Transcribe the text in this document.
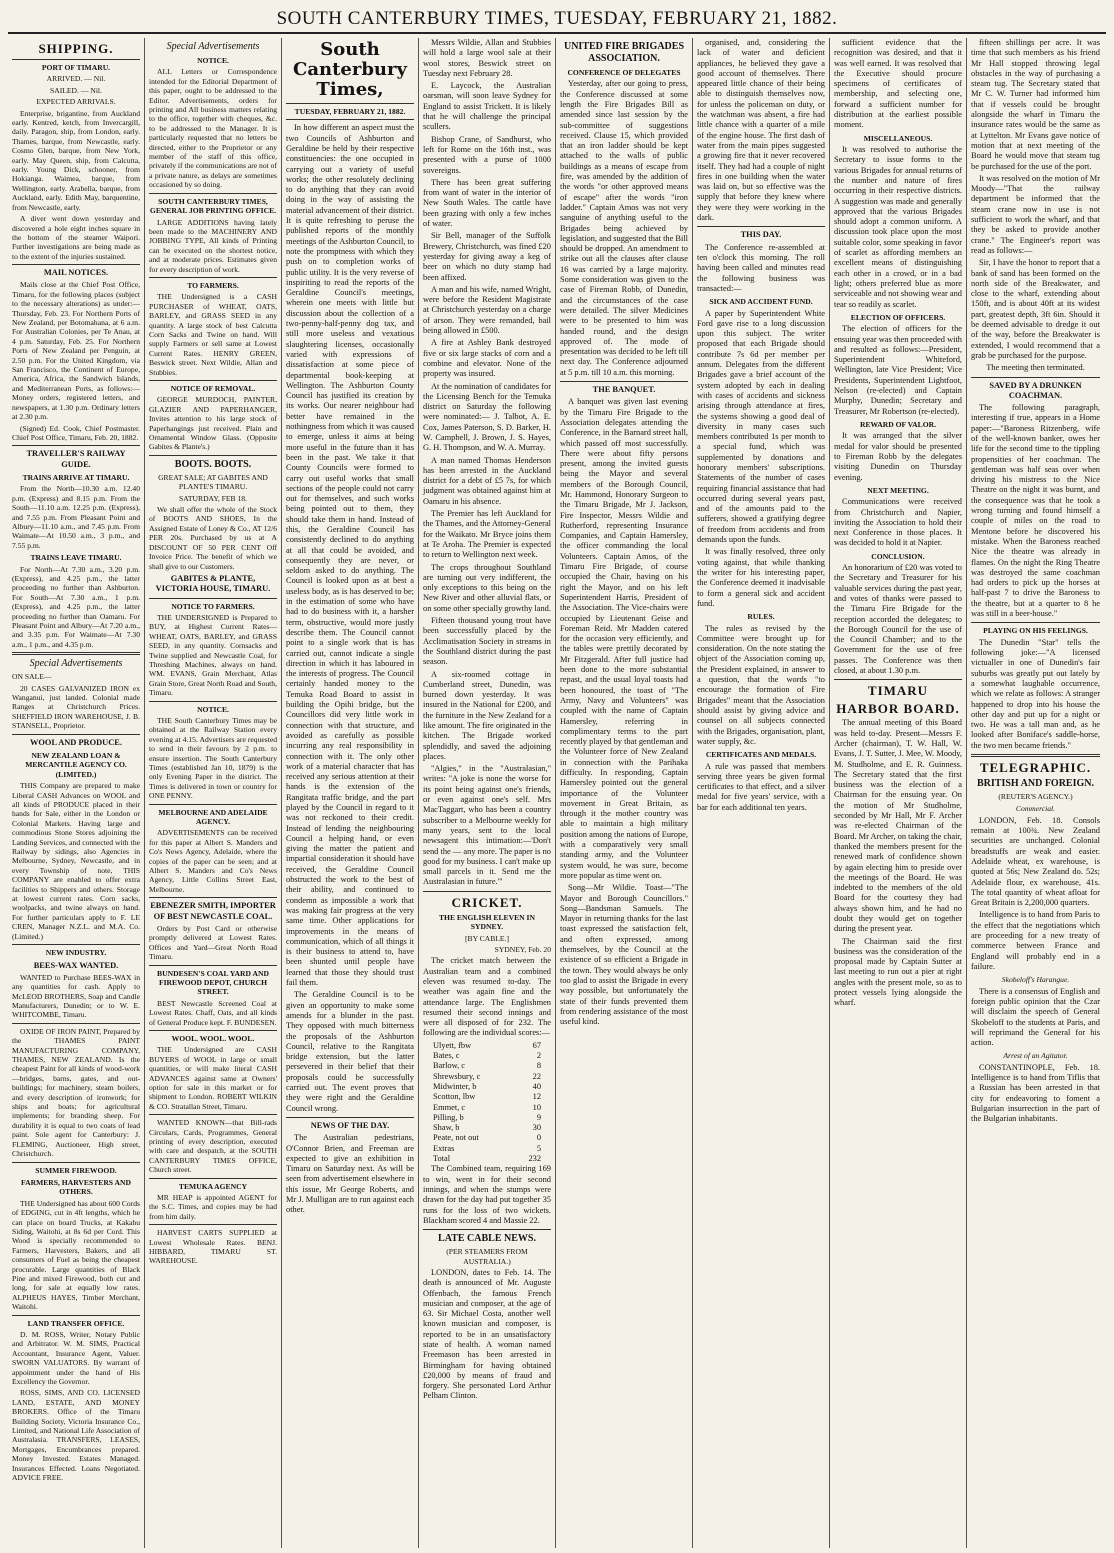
SOUTH CANTERBURY TIMES, TUESDAY, FEBRUARY 21, 1882.
SHIPPING.
PORT OF TIMARU.

ARRIVED. — Nil.

SAILED. — Nil.

EXPECTED ARRIVALS.

Enterprise, brigantine, from Auckland early. Kentred, ketch, from Invercargill, daily. Paragon, ship, from London, early. Thames, barque, from Newcastle, early. Cosmo Glen, barque, from New York, early. May Queen, ship, from Calcutta, early. Young Dick, schooner, from Hokianga. Waimea, barque, from Wellington, early. Arabella, barque, from Auckland, early. Edith May, barquentine, from Newcastle, early.

A diver went down yesterday and discovered a hole eight inches square in the bottom of the steamer Waipori. Further investigations are being made as to the extent of the injuries sustained.

MAIL NOTICES.

Mails close at the Chief Post Office, Timaru, for the following places (subject to the necessary alterations) as under:— Thursday, Feb. 23. For Northern Ports of New Zealand, per Botomahana, at 6 a.m. For Australian Colonies, per Te Anau, at 4 p.m. Saturday, Feb. 25. For Northern Ports of New Zealand per Penguin, at 2.50 p.m. For the United Kingdom, via San Francisco, the Continent of Europe, America, Africa, the Sandwich Islands, and Mediterranean Ports, as follows:— Money orders, registered letters, and newspapers, at 1.30 p.m. Ordinary letters at 2.30 p.m.

(Signed) Ed. Cook, Chief Postmaster. Chief Post Office, Timaru, Feb. 20, 1882.

TRAVELLER'S RAILWAY GUIDE.
TRAINS ARRIVE AT TIMARU.

From the North—10.30 a.m. 12.40 p.m. (Express) and 8.15 p.m. From the South—11.10 a.m. 12.25 p.m. (Express), and 7.55 p.m. From Pleasant Point and Albury—11.10 a.m., and 7.45 p.m. From Waimate—At 10.50 a.m., 3 p.m., and 7.55 p.m.

TRAINS LEAVE TIMARU.

For North—At 7.30 a.m., 3.20 p.m. (Express), and 4.25 p.m., the latter proceeding no further than Ashburton. For South—At 7.30 a.m., 1 p.m. (Express), and 4.25 p.m., the latter proceeding no further than Oamaru. For Pleasant Point and Albury—At 7.20 a.m., and 3.35 p.m. For Waimate—At 7.30 a.m., 1 p.m., and 4.35 p.m.

Special Advertisements

ON SALE—

20 CASES GALVANIZED IRON ex Wanganui, just landed. Colonial made Ranges at Christchurch Prices. SHEFFIELD IRON WAREHOUSE, J. B. STANSELL, Proprietor.

WOOL AND PRODUCE.
NEW ZEALAND LOAN & MERCANTILE AGENCY CO. (LIMITED.)

THIS Company are prepared to make Liberal CASH Advances on WOOL and all kinds of PRODUCE placed in their hands for Sale, either in the London or Colonial Markets. Having large and commodious Stone Stores adjoining the Landing Services, and connected with the Railway by sidings, also Agencies in Melbourne, Sydney, Newcastle, and in every Township of note, THIS COMPANY are enabled to offer extra facilities to Shippers and others. Storage at lowest current rates. Corn sacks, woolpacks, and twine always on hand. For further particulars apply to F. LE CREN, Manager N.Z.L. and M.A. Co. (Limited.)

NEW INDUSTRY.
BEES-WAX WANTED.

WANTED to Purchase BEES-WAX in any quantities for cash. Apply to McLEOD BROTHERS, Soap and Candle Manufacturers, Dunedin; or to W. E. WHITCOMBE, Timaru.

OXIDE OF IRON PAINT, Prepared by the THAMES PAINT MANUFACTURING COMPANY, THAMES, NEW ZEALAND. Is the cheapest Paint for all kinds of wood-work—bridges, barns, gates, and out-buildings; for machinery, steam boilers, and every description of ironwork; for ships and boats; for agricultural implements; for branding sheep. For durability it is equal to two coats of lead paint. Sole agent for Canterbury: J. FLEMING, Auctioneer, High street, Christchurch.

SUMMER FIREWOOD.
FARMERS, HARVESTERS AND OTHERS.

THE Undersigned has about 600 Cords of EDGING, cut in 4ft lengths, which he can place on board Trucks, at Kakahu Siding, Waitohi, at 8s 6d per Cord. This Wood is specially recommended to Farmers, Harvesters, Bakers, and all consumers of Fuel as being the cheapest procurable. Large quantities of Black Pine and mixed Firewood, both cut and long, for sale at equally low rates. ALPHEUS HAYES, Timber Merchant, Waitohi.

LAND TRANSFER OFFICE.

D. M. ROSS, Writer, Notary Public and Arbitrator. W. M. SIMS, Practical Accountant, Insurance Agent, Valuer. SWORN VALUATORS. By warrant of appointment under the hand of His Excellency the Governor.

ROSS, SIMS, AND CO. LICENSED LAND, ESTATE, AND MONEY BROKERS. Office of the Timaru Building Society, Victoria Insurance Co., Limited, and National Life Association of Australasia. TRANSFERS, LEASES, Mortgages, Encumbrances prepared. Money Invested. Estates Managed. Insurances Effected. Loans Negotiated. ADVICE FREE.

Special Advertisements
NOTICE.

ALL Letters or Correspondence intended for the Editorial Department of this paper, ought to be addressed to the Editor. Advertisements, orders for printing and All business matters relating to the office, together with cheques, &c. to be addressed to the Manager. It is particularly requested that no letters be directed, either to the Proprietor or any member of the staff of this office, privately if the communications are not of a private nature, as delays are sometimes occasioned by so doing.

SOUTH CANTERBURY TIMES, GENERAL JOB PRINTING OFFICE.

LARGE ADDITIONS having lately been made to the MACHINERY AND JOBBING TYPE, All kinds of Printing can be executed on the shortest notice, and at moderate prices. Estimates given for every description of work.

TO FARMERS.

THE Undersigned is a CASH PURCHASER of WHEAT, OATS, BARLEY, and GRASS SEED in any quantity. A large stock of best Calcutta Corn Sacks and Twine on hand. Will supply Farmers or sell same at Lowest Current Rates. HENRY GREEN, Beswick street. Next Wildie, Allan and Stubbies.

NOTICE OF REMOVAL.

GEORGE MURDOCH, PAINTER, GLAZIER AND PAPERHANGER, Invites attention to his large stock of Paperhangings just received. Plain and Ornamental Window Glass. (Opposite Gabites & Plante's.)

BOOTS. BOOTS.

GREAT SALE; AT GABITES AND PLANTE'S TIMARU.

SATURDAY, FEB 18.

We shall offer the whole of the Stock of BOOTS AND SHOES, In the Assigned Estate of Loney & Co., AT 12/6 PER 20s. Purchased by us at A DISCOUNT OF 50 PER CENT Off Invoice Price. The benefit of which we shall give to our Customers.

GABITES & PLANTE, VICTORIA HOUSE, TIMARU.
NOTICE TO FARMERS.

THE UNDERSIGNED is Prepared to BUY, at Highest Current Rates—WHEAT, OATS, BARLEY, and GRASS SEED, in any quantity. Cornsacks and Twine supplied and Newcastle Coal, for Threshing Machines, always on hand. WM. EVANS, Grain Merchant, Atlas Grain Store, Great North Road and South, Timaru.

NOTICE.

THE South Canterbury Times may be obtained at the Railway Station every evening at 4.15. Advertisers are requested to send in their favours by 2 p.m. to ensure insertion. The South Canterbury Times (established Jan 10, 1879) is the only Evening Paper in the district. The Times is delivered in town or country for ONE PENNY.

MELBOURNE AND ADELAIDE AGENCY.

ADVERTISEMENTS can be received for this paper at Albert S. Manders and Co's News Agency, Adelaide, where the copies of the paper can be seen; and at Albert S. Manders and Co's News Agency, Little Collins Street East, Melbourne.

EBENEZER SMITH, IMPORTER OF BEST NEWCASTLE COAL.

Orders by Post Card or otherwise promptly delivered at Lowest Rates. Offices and Yard—Great North Road Timaru.

BUNDESEN'S COAL YARD AND FIREWOOD DEPOT, CHURCH STREET.

BEST Newcastle Screened Coal at Lowest Rates. Chaff, Oats, and all kinds of General Produce kept. F. BUNDESEN.

WOOL. WOOL. WOOL.

THE Undersigned are CASH BUYERS of WOOL in large or small quantities, or will make literal CASH ADVANCES against same at Owners' option for sale in this market or for shipment to London. ROBERT WILKIN & CO. Stratallan Street, Timaru.

WANTED KNOWN—that Bill-rads Circulars, Cards, Programmes, General printing of every description, executed with care and despatch, at the SOUTH CANTERBURY TIMES OFFICE, Church street.

TEMUKA AGENCY

MR HEAP is appointed AGENT for the S.C. Times, and copies may be had from him daily.

HARVEST CARTS SUPPLIED at Lowest Wholesale Rates. BENJ. HIBBARD, TIMARU ST. WAREHOUSE.

South Canterbury Times,
TUESDAY, FEBRUARY 21, 1882.

In how different an aspect must the two Councils of Ashburton and Geraldine be held by their respective constituencies: the one occupied in carrying out a variety of useful works; the other resolutely declining to do anything that they can avoid doing in the way of assisting the material advancement of their district. It is quite refreshing to peruse the published reports of the monthly meetings of the Ashburton Council, to note the promptness with which they push on to completion works of public utility. It is the very reverse of inspiriting to read the reports of the Geraldine Council's meetings, wherein one meets with little but discussion about the collection of a two-penny-half-penny dog tax, and still more useless and vexatious slaughtering licenses, occasionally varied with expressions of dissatisfaction at some piece of departmental book-keeping at Wellington. The Ashburton County Council has justified its creation by its works. Our nearer neighbour had better have remained in the nothingness from which it was caused to emerge, unless it aims at being more useful in the future than it has been in the past. We take it that County Councils were formed to carry out useful works that small sections of the people could not carry out for themselves, and such works being pointed out to them, they should take them in hand. Instead of this, the Geraldine Council has consistently declined to do anything at all that could be avoided, and consequently they are never, or seldom asked to do anything. The Council is looked upon as at best a useless body, as is has deserved to be; in the estimation of some who have had to do business with it, a harsher term, obstructive, would more justly describe them. The Council cannot point to a single work that is has carried out, cannot indicate a single direction in which it has laboured in the interests of progress. The Council certainly handed money to the Temuka Road Board to assist in building the Opihi bridge, but the Councillors did very little work in connection with that structure, and avoided as carefully as possible incurring any real responsibility in connection with it. The only other work of a material character that has received any serious attention at their hands is the extension of the Rangitata traffic bridge, and the part played by the Council in regard to it was not reckoned to their credit. Instead of lending the neighbouring Council a helping hand, or even giving the matter the patient and impartial consideration it should have received, the Geraldine Council obstructed the work to the best of their ability, and continued to condemn as impossible a work that was making fair progress at the very same time. Other applications for improvements in the means of communication, which of all things it is their business to attend to, have been shunted until people have learned that those they should trust fail them.

The Geraldine Council is to be given an opportunity to make some amends for a blunder in the past. They opposed with much bitterness the proposals of the Ashburton Council, relative to the Rangitata bridge extension, but the latter persevered in their belief that their proposals could be successfully carried out. The event proves that they were right and the Geraldine Council wrong.

NEWS OF THE DAY.

The Australian pedestrians, O'Connor Brien, and Freeman are expected to give an exhibition in Timaru on Saturday next. As will be seen from advertisement elsewhere in this issue, Mr George Roberts, and Mr J. Mulligan are to run against each other.

Messrs Wildie, Allan and Stubbies will hold a large wool sale at their wool stores, Beswick street on Tuesday next February 28.

E. Laycock, the Australian oarsman, will soon leave Sydney for England to assist Trickett. It is likely that he will challenge the principal scullers.

Bishop Crane, of Sandhurst, who left for Rome on the 16th inst., was presented with a purse of 1000 sovereigns.

There has been great suffering from want of water in the interior of New South Wales. The cattle have been grazing with only a few inches of water.

Sir Bell, manager of the Suffolk Brewery, Christchurch, was fined £20 yesterday for giving away a keg of beer on which no duty stamp had been affixed.

A man and his wife, named Wright, were before the Resident Magistrate at Christchurch yesterday on a charge of arson. They were remanded, bail being allowed in £500.

A fire at Ashley Bank destroyed five or six large stacks of corn and a combine and elevator. None of the property was insured.

At the nomination of candidates for the Licensing Bench for the Temuka district on Saturday the following were nominated:— J. Talbot, A. E. Cox, James Paterson, S. D. Barker, H. W. Campbell, J. Brown, J. S. Hayes, G. H. Thompson, and W. A. Murray.

A man named Thomas Henderson has been arrested in the Auckland district for a debt of £5 7s, for which judgment was obtained against him at Oamaru in his absence.

The Premier has left Auckland for the Thames, and the Attorney-General for the Waikato. Mr Bryce joins them at Te Aroha. The Premier is expected to return to Wellington next week.

The crops throughout Southland are turning out very indifferent, the only exceptions to this being on the New River and other alluvial flats, or on some other specially growthy land.

Fifteen thousand young trout have been successfully placed by the Acclimatisation Society in streams in the Southland district during the past season.

A six-roomed cottage in Cumberland street, Dunedin, was burned down yesterday. It was insured in the National for £200, and the furniture in the New Zealand for a like amount. The fire originated in the kitchen. The Brigade worked splendidly, and saved the adjoining places.

"Algies," in the "Australasian," writes: "A joke is none the worse for its point being against one's friends, or even against one's self. Mrs MacTaggart, who has been a country subscriber to a Melbourne weekly for many years, sent to the local newsagent this intimation:—'Don't send the — any more. The paper is no good for my business. I can't make up small parcels in it. Send me the Australasian in future.'"

CRICKET.
THE ENGLISH ELEVEN IN SYDNEY.

[BY CABLE.]

SYDNEY, Feb. 20

The cricket match between the Australian team and a combined eleven was resumed to-day. The weather was again fine and the attendance large. The Englishmen resumed their second innings and were all disposed of for 232. The following are the individual scores:—

Ulyett, fbw	67
Bates, c	2
Barlow, c	8
Shrewsbury, c	22
Midwinter, b	40
Scotton, lbw	12
Emmet, c	10
Pilling, b	9
Shaw, b	30
Peate, not out	0
Extras	5
Total	232

The Combined team, requiring 169 to win, went in for their second innings, and when the stumps were drawn for the day had put together 35 runs for the loss of two wickets. Blackham scored 4 and Massie 22.

LATE CABLE NEWS.

(PER STEAMERS FROM AUSTRALIA.)

LONDON, dates to Feb. 14. The death is announced of Mr. Auguste Offenbach, the famous French musician and composer, at the age of 63. Sir Michael Costa, another well known musician and composer, is reported to be in an unsatisfactory state of health. A woman named Freemason has been arrested in Birmingham for having obtained £20,000 by means of fraud and forgery. She personated Lord Arthur Pelham Clinton.

UNITED FIRE BRIGADES ASSOCIATION.
CONFERENCE OF DELEGATES

Yesterday, after our going to press, the Conference discussed at some length the Fire Brigades Bill as amended since last session by the sub-committee of suggestions received. Clause 15, which provided that an iron ladder should be kept attached to the walls of public buildings as a means of escape from fire, was amended by the addition of the words "or other approved means of escape" after the words "iron ladder." Captain Amos was not very sanguine of anything useful to the Brigades being achieved by legislation, and suggested that the Bill should be dropped. An amendment to strike out all the clauses after clause 16 was carried by a large majority. Some consideration was given to the case of Fireman Robb, of Dunedin, and the circumstances of the case were detailed. The silver Medicines were to be presented to him was handed round, and the design approved of. The mode of presentation was decided to be left till next day. The Conference adjourned at 5 p.m. till 10 a.m. this morning.

THE BANQUET.

A banquet was given last evening by the Timaru Fire Brigade to the Association delegates attending the Conference, in the Barnard street hall, which passed off most successfully. There were about fifty persons present, among the invited guests being the Mayor and several members of the Borough Council, Mr. Hammond, Honorary Surgeon to the Timaru Brigade, Mr J. Jackson, Fire Inspector, Messrs Wildie and Rutherford, representing Insurance Companies, and Captain Hamersley, the officer commanding the local Volunteers. Captain Amos, of the Timaru Fire Brigade, of course occupied the Chair, having on his right the Mayor, and on his left Superintendent Harris, President of the Association. The Vice-chairs were occupied by Lieutenant Geise and Foreman Reid. Mr Madden catered for the occasion very efficiently, and the tables were prettily decorated by Mr Fitzgerald. After full justice had been done to the more substantial repast, and the usual loyal toasts had been honoured, the toast of "The Army, Navy and Volunteers" was coupled with the name of Captain Hamersley, referring in complimentary terms to the part recently played by that gentleman and the Volunteer force of New Zealand in connection with the Parihaka difficulty. In responding, Captain Hamersley pointed out the general importance of the Volunteer movement in Great Britain, as through it the mother country was able to maintain a high military position among the nations of Europe, with a comparatively very small standing army, and the Volunteer system would, he was sure, become more popular as time went on.

Song—Mr Wildie. Toast—"The Mayor and Borough Councillors." Song—Bandsman Samuels. The Mayor in returning thanks for the last toast expressed the satisfaction felt, and often expressed, among themselves, by the Council at the existence of so efficient a Brigade in the town. They would always be only too glad to assist the Brigade in every way possible, but unfortunately the state of their funds prevented them from rendering assistance of the most useful kind.

organised, and, considering the lack of water and deficient appliances, he believed they gave a good account of themselves. There appeared little chance of their being able to distinguish themselves now, for unless the policeman on duty, or the watchman was absent, a fire had little chance with a quarter of a mile of the engine house. The first dash of water from the main pipes suggested a growing fire that it never recovered itself. They had had a couple of night fires in one building when the water was laid on, but so effective was the supply that before they knew where they were they were working in the dark.

THIS DAY.

The Conference re-assembled at ten o'clock this morning. The roll having been called and minutes read the following business was transacted:—

SICK AND ACCIDENT FUND.

A paper by Superintendent White Ford gave rise to a long discussion upon this subject. The writer proposed that each Brigade should contribute 7s 6d per member per annum. Delegates from the different Brigades gave a brief account of the system adopted by each in dealing with cases of accidents and sickness arising through attendance at fires, the systems showing a good deal of diversity in many cases such members contributed 1s per month to a special fund, which was supplemented by donations and honorary members' subscriptions. Statements of the number of cases requiring financial assistance that had occurred during several years past, and of the amounts paid to the sufferers, showed a gratifying degree of freedom from accidents and from demands upon the funds.

It was finally resolved, three only voting against, that while thanking the writer for his interesting paper, the Conference deemed it inadvisable to form a general sick and accident fund.

RULES.

The rules as revised by the Committee were brought up for consideration. On the note stating the object of the Association coming up, the President explained, in answer to a question, that the words "to encourage the formation of Fire Brigades" meant that the Association should assist by giving advice and counsel on all subjects connected with the Brigades, organisation, plant, water supply, &c.

CERTIFICATES AND MEDALS.

A rule was passed that members serving three years be given formal certificates to that effect, and a silver medal for five years' service, with a bar for each additional ten years.

sufficient evidence that the recognition was desired, and that it was well earned. It was resolved that the Executive should procure specimens of certificates of membership, and selecting one, forward a sufficient number for distribution at the earliest possible moment.

MISCELLANEOUS.

It was resolved to authorise the Secretary to issue forms to the various Brigades for annual returns of the number and nature of fires occurring in their respective districts. A suggestion was made and generally approved that the various Brigades should adopt a common uniform. A discussion took place upon the most suitable color, some speaking in favor of scarlet as affording members an excellent means of distinguishing each other in a crowd, or in a bad light; others preferred blue as more serviceable and not showing wear and tear so readily as scarlet.

ELECTION OF OFFICERS.

The election of officers for the ensuing year was then proceeded with and resulted as follows:—President, Superintendent Whiteford, Wellington, late Vice President; Vice Presidents, Superintendent Lightfoot, Nelson (re-elected) and Captain Murphy, Dunedin; Secretary and Treasurer, Mr Robertson (re-elected).

REWARD OF VALOR.

It was arranged that the silver medal for valor should be presented to Fireman Robb by the delegates visiting Dunedin on Thursday evening.

NEXT MEETING.

Communications were received from Christchurch and Napier, inviting the Association to hold their next Conference in those places. It was decided to hold it at Napier.

CONCLUSION.

An honorarium of £20 was voted to the Secretary and Treasurer for his valuable services during the past year, and votes of thanks were passed to the Timaru Fire Brigade for the reception accorded the delegates; to the Borough Council for the use of the Council Chamber; and to the Government for the use of free passes. The Conference was then closed, at about 1.30 p.m.

TIMARU
HARBOR BOARD.

The annual meeting of this Board was held to-day. Present—Messrs F. Archer (chairman), T. W. Hall, W. Evans, J. T. Sutter, J. Mee, W. Moody, M. Studholme, and E. R. Guinness. The Secretary stated that the first business was the election of a Chairman for the ensuing year. On the motion of Mr Studholme, seconded by Mr Hall, Mr F. Archer was re-elected Chairman of the Board. Mr Archer, on taking the chair, thanked the members present for the renewed mark of confidence shown by again electing him to preside over the meetings of the Board. He was indebted to the members of the old Board for the courtesy they had always shown him, and he had no doubt they would get on together during the present year.

The Chairman said the first business was the consideration of the proposal made by Captain Sutter at last meeting to run out a pier at right angles with the present mole, so as to protect vessels lying alongside the wharf.

fifteen shillings per acre. It was time that such members as his friend Mr Hall stopped throwing legal obstacles in the way of purchasing a steam tug. The Secretary stated that Mr C. W. Turner had informed him that if vessels could be brought alongside the wharf in Timaru the insurance rates would be the same as at Lyttelton. Mr Evans gave notice of motion that at next meeting of the Board he would move that steam tug be purchased for the use of the port.

It was resolved on the motion of Mr Moody—"That the railway department be informed that the steam crane now in use is not sufficient to work the wharf, and that they be asked to provide another crane." The Engineer's report was read as follows:—

Sir, I have the honor to report that a bank of sand has been formed on the north side of the Breakwater, and close to the wharf, extending about 150ft, and is about 40ft at its widest part, greatest depth, 3ft 6in. Should it be deemed advisable to dredge it out of the way, before the Breakwater is extended, I would recommend that a grab be purchased for the purpose.

The meeting then terminated.

SAVED BY A DRUNKEN COACHMAN.

The following paragraph, interesting if true, appears in a Home paper:—"Baroness Ritzenberg, wife of the well-known banker, owes her life for the second time to the tippling propensities of her coachman. The gentleman was half seas over when driving his mistress to the Nice Theatre on the night it was burnt, and the consequence was that he took a wrong turning and found himself a couple of miles on the road to Mentone before he discovered his mistake. When the Baroness reached Nice the theatre was already in flames. On the night the Ring Theatre was destroyed the same coachman had orders to pick up the horses at half-past 7 to drive the Baroness to the theatre, but at a quarter to 8 he was still in a beer-house."

PLAYING ON HIS FEELINGS.

The Dunedin "Star" tells the following joke:—"A licensed victualler in one of Dunedin's fair suburbs was greatly put out lately by a somewhat laughable occurrence, which we relate as follows: A stranger happened to drop into his house the other day and put up for a night or two. He was a tall man and, as he looked after Boniface's saddle-horse, the two men became friends."

TELEGRAPHIC.
BRITISH AND FOREIGN.

(REUTER'S AGENCY.)

Commercial.

LONDON, Feb. 18. Consols remain at 100¾. New Zealand securities are unchanged. Colonial breadstuffs are weak and easier. Adelaide wheat, ex warehouse, is quoted at 56s; New Zealand do. 52s; Adelaide flour, ex warehouse, 41s. The total quantity of wheat afloat for Great Britain is 2,200,000 quarters.

Intelligence is to hand from Paris to the effect that the negotiations which are proceeding for a new treaty of commerce between France and England will probably end in a failure.

Skobeloff's Harangue.

There is a consensus of English and foreign public opinion that the Czar will disclaim the speech of General Skobeloff to the students at Paris, and will reprimand the General for his action.

Arrest of an Agitator.

CONSTANTINOPLE, Feb. 18. Intelligence is to hand from Tiflis that a Russian has been arrested in that city for endeavoring to foment a Bulgarian insurrection in the part of the Bulgarian inhabitants.
